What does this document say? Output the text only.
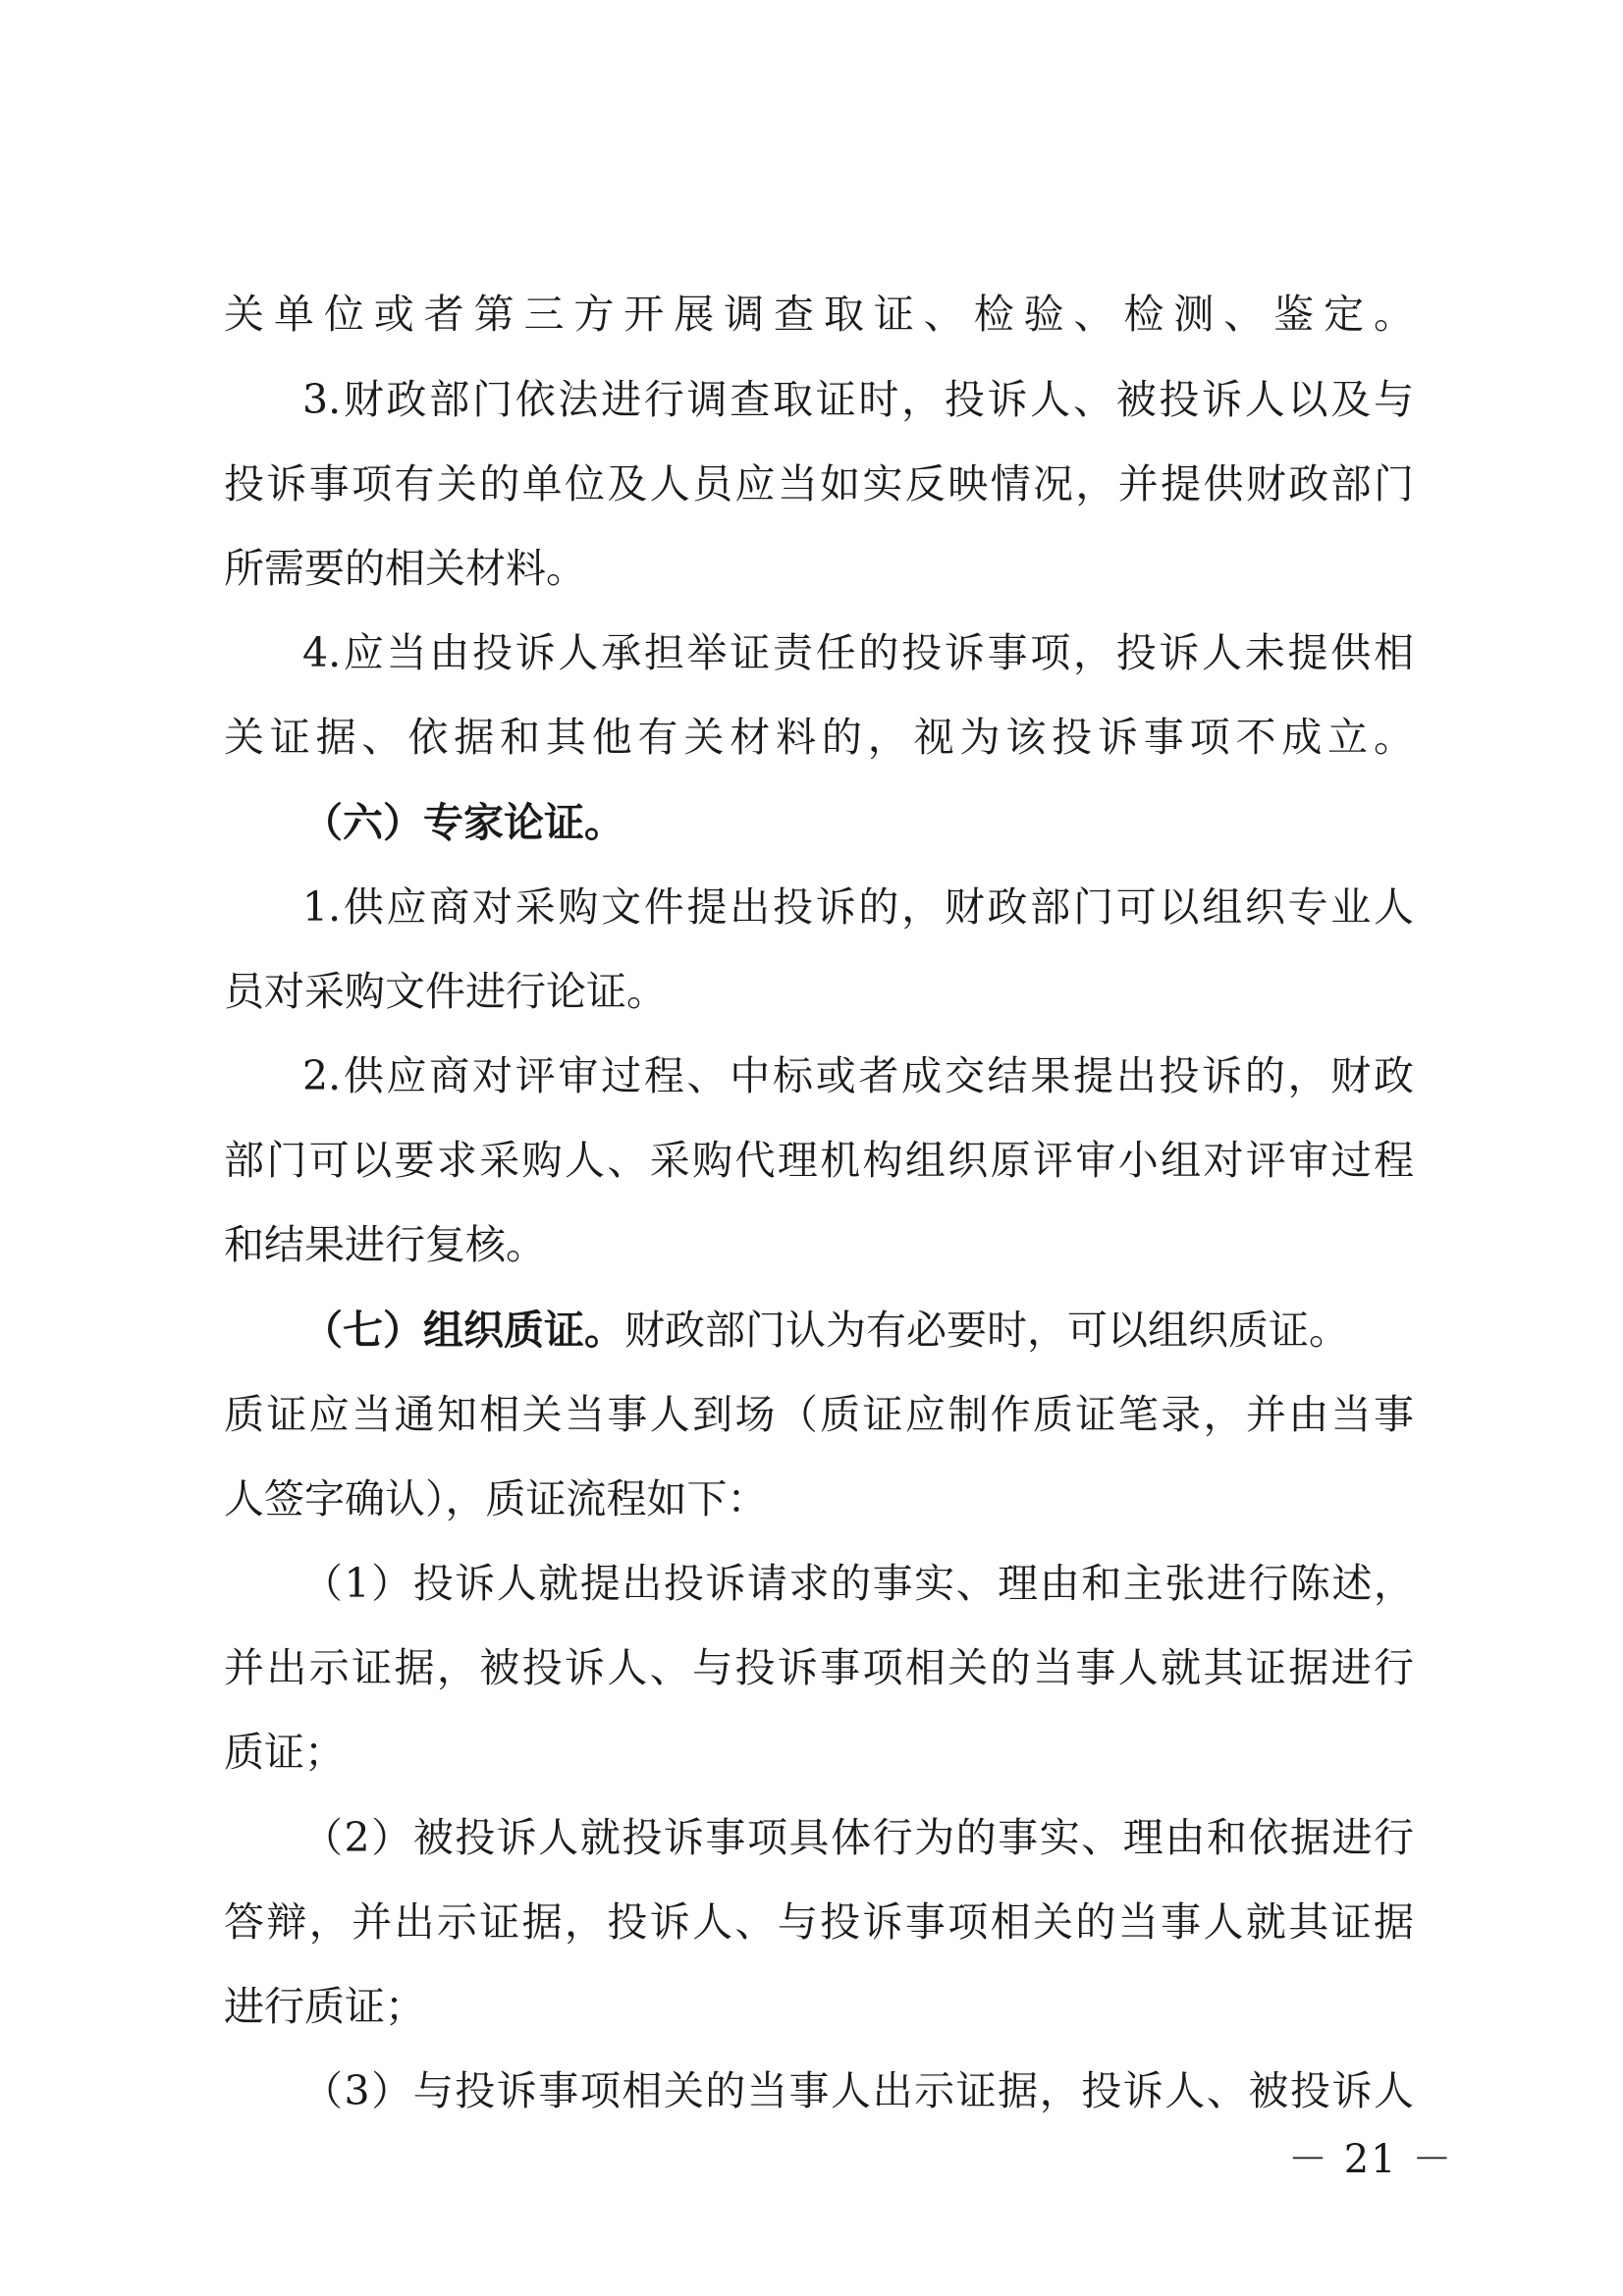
关单位或者第三方开展调查取证、检验、检测、鉴定。
3.财政部门依法进行调查取证时，投诉人、被投诉人以及与
投诉事项有关的单位及人员应当如实反映情况，并提供财政部门
所需要的相关材料。
4.应当由投诉人承担举证责任的投诉事项，投诉人未提供相
关证据、依据和其他有关材料的，视为该投诉事项不成立。
（六）专家论证。
1.供应商对采购文件提出投诉的，财政部门可以组织专业人
员对采购文件进行论证。
2.供应商对评审过程、中标或者成交结果提出投诉的，财政
部门可以要求采购人、采购代理机构组织原评审小组对评审过程
和结果进行复核。
（七）组织质证。财政部门认为有必要时，可以组织质证。
质证应当通知相关当事人到场（质证应制作质证笔录，并由当事
人签字确认），质证流程如下：
（1）投诉人就提出投诉请求的事实、理由和主张进行陈述，
并出示证据，被投诉人、与投诉事项相关的当事人就其证据进行
质证；
（2）被投诉人就投诉事项具体行为的事实、理由和依据进行
答辩，并出示证据，投诉人、与投诉事项相关的当事人就其证据
进行质证；
（3）与投诉事项相关的当事人出示证据，投诉人、被投诉人
－ 21 －
